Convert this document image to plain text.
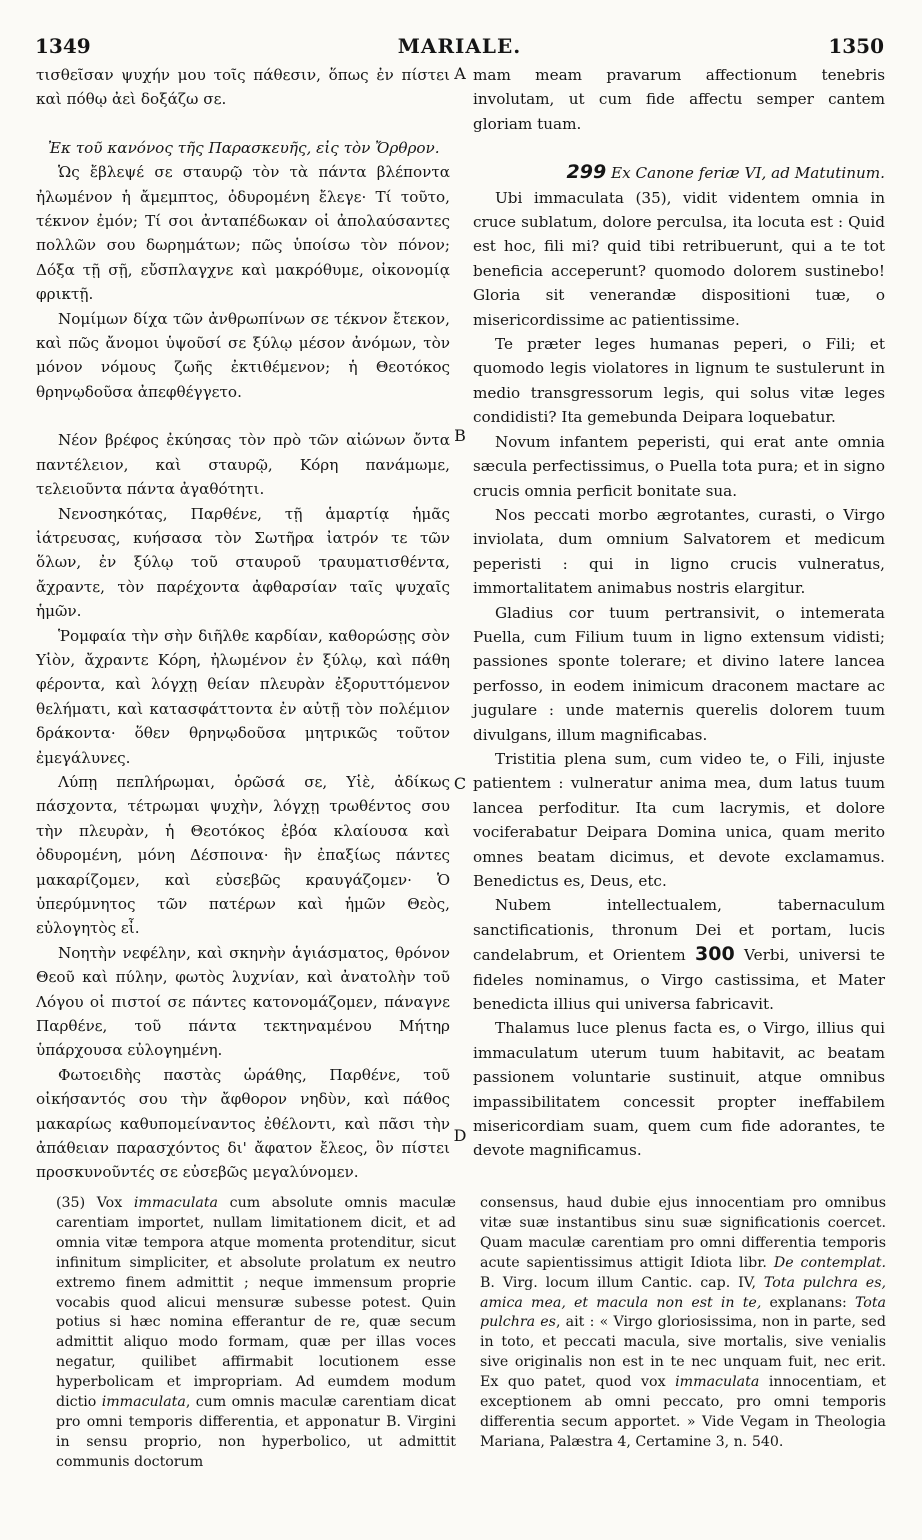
1349	MARIALE.	1350
A
B
C
D

τισθεῖσαν ψυχήν μου τοῖς πάθεσιν, ὅπως ἐν πίστει καὶ πόθῳ ἀεὶ δοξάζω σε.

Ἐκ τοῦ κανόνος τῆς Παρασκευῆς, εἰς τὸν Ὄρθρον.

Ὡς ἔβλεψέ σε σταυρῷ τὸν τὰ πάντα βλέποντα ἠλωμένον ἡ ἄμεμπτος, ὀδυρομένη ἔλεγε· Τί τοῦτο, τέκνον ἐμόν; Τί σοι ἀνταπέδωκαν οἱ ἀπολαύσαντες πολλῶν σου δωρημάτων; πῶς ὑποίσω τὸν πόνον; Δόξα τῇ σῇ, εὔσπλαγχνε καὶ μακρόθυμε, οἰκονομίᾳ φρικτῇ.

Νομίμων δίχα τῶν ἀνθρωπίνων σε τέκνον ἔτεκον, καὶ πῶς ἄνομοι ὑψοῦσί σε ξύλῳ μέσον ἀνόμων, τὸν μόνον νόμους ζωῆς ἐκτιθέμενον; ἡ Θεοτόκος θρηνῳδοῦσα ἀπεφθέγγετο.

Νέον βρέφος ἐκύησας τὸν πρὸ τῶν αἰώνων ὄντα παντέλειον, καὶ σταυρῷ, Κόρη πανάμωμε, τελειοῦντα πάντα ἀγαθότητι.

Νενοσηκότας, Παρθένε, τῇ ἁμαρτίᾳ ἡμᾶς ἰάτρευσας, κυήσασα τὸν Σωτῆρα ἰατρόν τε τῶν ὅλων, ἐν ξύλῳ τοῦ σταυροῦ τραυματισθέντα, ἄχραντε, τὸν παρέχοντα ἀφθαρσίαν ταῖς ψυχαῖς ἡμῶν.

Ῥομφαία τὴν σὴν διῆλθε καρδίαν, καθορώσῃς σὸν Υἱὸν, ἄχραντε Κόρη, ἠλωμένον ἐν ξύλῳ, καὶ πάθη φέροντα, καὶ λόγχῃ θείαν πλευρὰν ἐξορυττόμενον θελήματι, καὶ κατασφάττοντα ἐν αὐτῇ τὸν πολέμιον δράκοντα· ὅθεν θρηνῳδοῦσα μητρικῶς τοῦτον ἐμεγάλυνες.

Λύπῃ πεπλήρωμαι, ὁρῶσά σε, Υἱὲ, ἀδίκως πάσχοντα, τέτρωμαι ψυχὴν, λόγχῃ τρωθέντος σου τὴν πλευρὰν, ἡ Θεοτόκος ἐβόα κλαίουσα καὶ ὀδυρομένη, μόνη Δέσποινα· ἣν ἐπαξίως πάντες μακαρίζομεν, καὶ εὐσεβῶς κραυγάζομεν· Ὁ ὑπερύμνητος τῶν πατέρων καὶ ἡμῶν Θεὸς, εὐλογητὸς εἶ.

Νοητὴν νεφέλην, καὶ σκηνὴν ἁγιάσματος, θρόνον Θεοῦ καὶ πύλην, φωτὸς λυχνίαν, καὶ ἀνατολὴν τοῦ Λόγου οἱ πιστοί σε πάντες κατονομάζομεν, πάναγνε Παρθένε, τοῦ πάντα τεκτηναμένου Μήτηρ ὑπάρχουσα εὐλογημένη.

Φωτοειδὴς παστὰς ὡράθης, Παρθένε, τοῦ οἰκήσαντός σου τὴν ἄφθορον νηδὺν, καὶ πάθος μακαρίως καθυπομείναντος ἐθέλοντι, καὶ πᾶσι τὴν ἀπάθειαν παρασχόντος δι' ἄφατον ἔλεος, ὃν πίστει προσκυνοῦντές σε εὐσεβῶς μεγαλύνομεν.

mam meam pravarum affectionum tenebris involutam, ut cum fide affectu semper cantem gloriam tuam.

299 Ex Canone feriæ VI, ad Matutinum.

Ubi immaculata (35), vidit videntem omnia in cruce sublatum, dolore perculsa, ita locuta est : Quid est hoc, fili mi? quid tibi retribuerunt, qui a te tot beneficia acceperunt? quomodo dolorem sustinebo! Gloria sit venerandæ dispositioni tuæ, o misericordissime ac patientissime.

Te præter leges humanas peperi, o Fili; et quomodo legis violatores in lignum te sustulerunt in medio transgressorum legis, qui solus vitæ leges condidisti? Ita gemebunda Deipara loquebatur.

Novum infantem peperisti, qui erat ante omnia sæcula perfectissimus, o Puella tota pura; et in signo crucis omnia perficit bonitate sua.

Nos peccati morbo ægrotantes, curasti, o Virgo inviolata, dum omnium Salvatorem et medicum peperisti : qui in ligno crucis vulneratus, immortalitatem animabus nostris elargitur.

Gladius cor tuum pertransivit, o intemerata Puella, cum Filium tuum in ligno extensum vidisti; passiones sponte tolerare; et divino latere lancea perfosso, in eodem inimicum draconem mactare ac jugulare : unde maternis querelis dolorem tuum divulgans, illum magnificabas.

Tristitia plena sum, cum video te, o Fili, injuste patientem : vulneratur anima mea, dum latus tuum lancea perfoditur. Ita cum lacrymis, et dolore vociferabatur Deipara Domina unica, quam merito omnes beatam dicimus, et devote exclamamus. Benedictus es, Deus, etc.

Nubem intellectualem, tabernaculum sanctificationis, thronum Dei et portam, lucis candelabrum, et Orientem 300 Verbi, universi te fideles nominamus, o Virgo castissima, et Mater benedicta illius qui universa fabricavit.

Thalamus luce plenus facta es, o Virgo, illius qui immaculatum uterum tuum habitavit, ac beatam passionem voluntarie sustinuit, atque omnibus impassibilitatem concessit propter ineffabilem misericordiam suam, quem cum fide adorantes, te devote magnificamus.

(35) Vox immaculata cum absolute omnis maculæ carentiam importet, nullam limitationem dicit, et ad omnia vitæ tempora atque momenta protenditur, sicut infinitum simpliciter, et absolute prolatum ex neutro extremo finem admittit ; neque immensum proprie vocabis quod alicui mensuræ subesse potest. Quin potius si hæc nomina efferantur de re, quæ secum admittit aliquo modo formam, quæ per illas voces negatur, quilibet affirmabit locutionem esse hyperbolicam et impropriam. Ad eumdem modum dictio immaculata, cum omnis maculæ carentiam dicat pro omni temporis differentia, et apponatur B. Virgini in sensu proprio, non hyperbolico, ut admittit communis doctorum

consensus, haud dubie ejus innocentiam pro omnibus vitæ suæ instantibus sinu suæ significationis coercet. Quam maculæ carentiam pro omni differentia temporis acute sapientissimus attigit Idiota libr. De contemplat. B. Virg. locum illum Cantic. cap. IV, Tota pulchra es, amica mea, et macula non est in te, explanans: Tota pulchra es, ait : « Virgo gloriosissima, non in parte, sed in toto, et peccati macula, sive mortalis, sive venialis sive originalis non est in te nec unquam fuit, nec erit. Ex quo patet, quod vox immaculata innocentiam, et exceptionem ab omni peccato, pro omni temporis differentia secum apportet. » Vide Vegam in Theologia Mariana, Palæstra 4, Certamine 3, n. 540.
